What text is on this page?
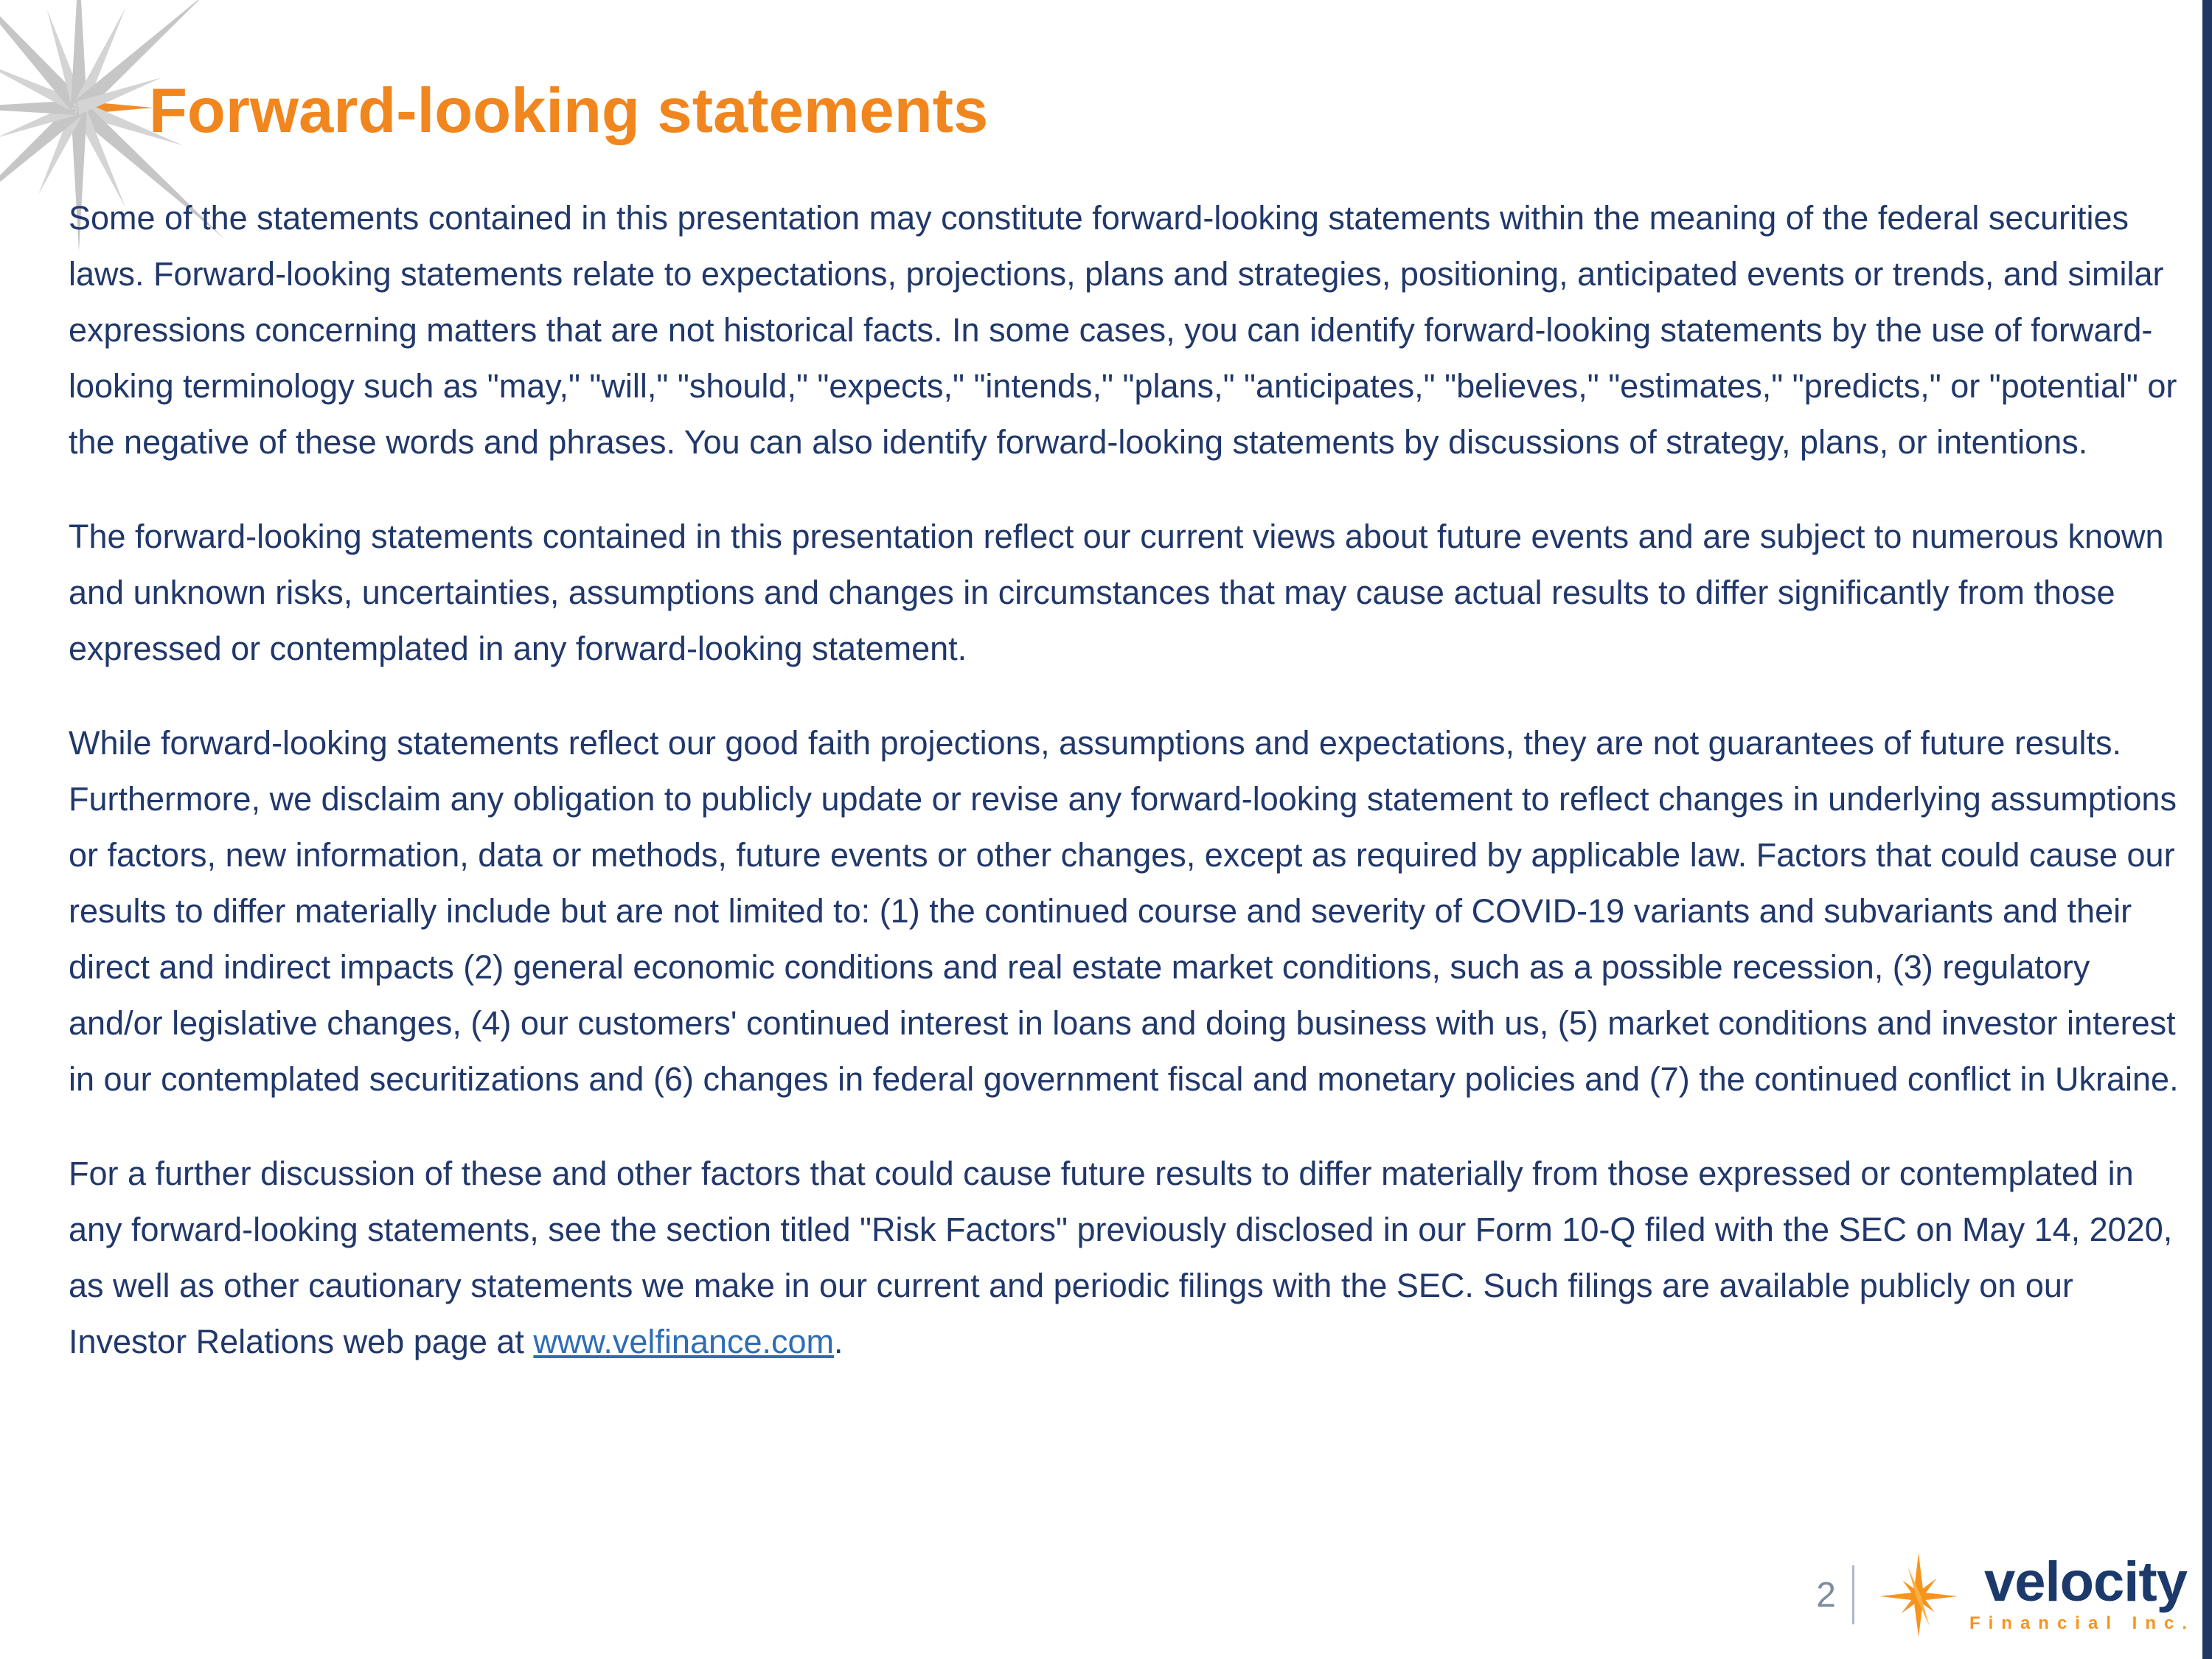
Forward-looking statements

Some of the statements contained in this presentation may constitute forward-looking statements within the meaning of the federal securities laws. Forward-looking statements relate to expectations, projections, plans and strategies, positioning, anticipated events or trends, and similar expressions concerning matters that are not historical facts. In some cases, you can identify forward-looking statements by the use of forward-looking terminology such as "may," "will," "should," "expects," "intends," "plans," "anticipates," "believes," "estimates," "predicts," or "potential" or the negative of these words and phrases. You can also identify forward-looking statements by discussions of strategy, plans, or intentions.

The forward-looking statements contained in this presentation reflect our current views about future events and are subject to numerous known and unknown risks, uncertainties, assumptions and changes in circumstances that may cause actual results to differ significantly from those expressed or contemplated in any forward-looking statement.

While forward-looking statements reflect our good faith projections, assumptions and expectations, they are not guarantees of future results. Furthermore, we disclaim any obligation to publicly update or revise any forward-looking statement to reflect changes in underlying assumptions or factors, new information, data or methods, future events or other changes, except as required by applicable law. Factors that could cause our results to differ materially include but are not limited to: (1) the continued course and severity of COVID-19 variants and subvariants and their direct and indirect impacts (2) general economic conditions and real estate market conditions, such as a possible recession, (3) regulatory and/or legislative changes, (4) our customers' continued interest in loans and doing business with us, (5) market conditions and investor interest in our contemplated securitizations and (6) changes in federal government fiscal and monetary policies and (7) the continued conflict in Ukraine.

For a further discussion of these and other factors that could cause future results to differ materially from those expressed or contemplated in any forward-looking statements, see the section titled "Risk Factors" previously disclosed in our Form 10-Q filed with the SEC on May 14, 2020, as well as other cautionary statements we make in our current and periodic filings with the SEC. Such filings are available publicly on our Investor Relations web page at www.velfinance.com.

2	velocity
Financial Inc.
